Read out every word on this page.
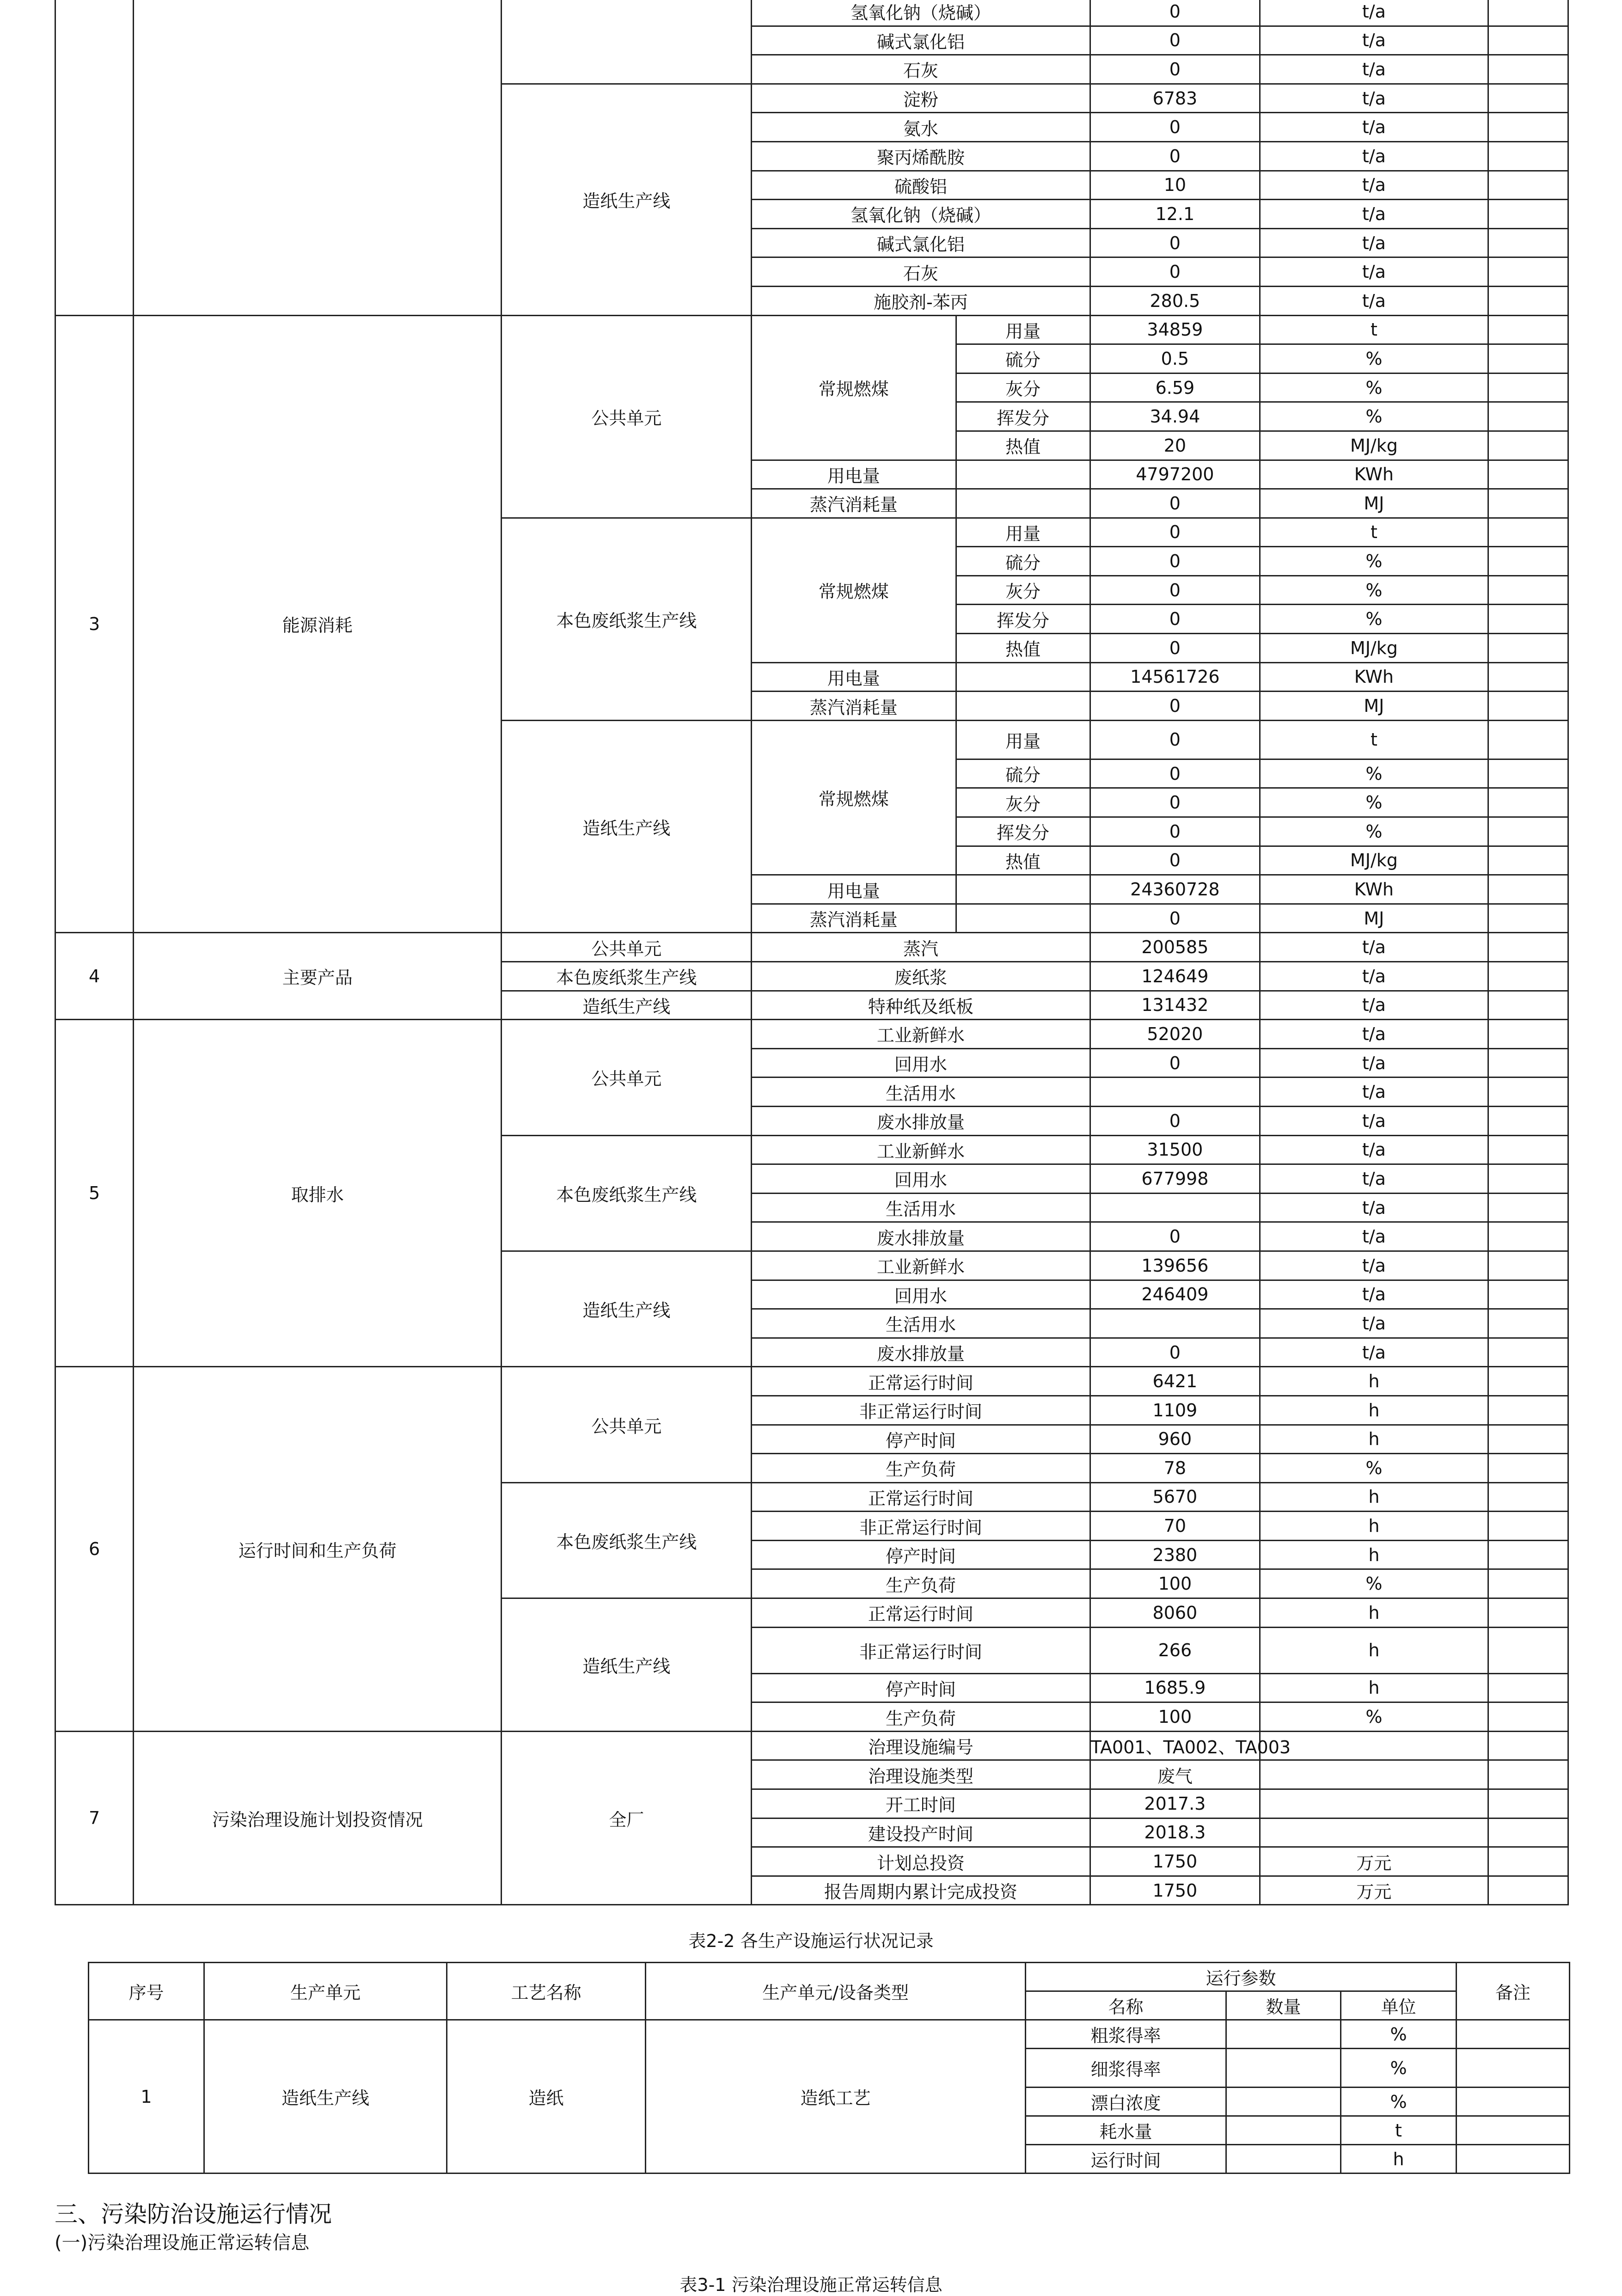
			氢氧化钠（烧碱）		0	t/a	
			碱式氯化铝		0	t/a	
			石灰		0	t/a	
		造纸生产线	淀粉		6783	t/a	
			氨水		0	t/a	
			聚丙烯酰胺		0	t/a	
			硫酸铝		10	t/a	
			氢氧化钠（烧碱）		12.1	t/a	
			碱式氯化铝		0	t/a	
			石灰		0	t/a	
			施胶剂-苯丙		280.5	t/a	
3	能源消耗	公共单元	常规燃煤	用量	34859	t	
				硫分	0.5	%	
				灰分	6.59	%	
				挥发分	34.94	%	
				热值	20	MJ/kg	
			用电量		4797200	KWh	
			蒸汽消耗量		0	MJ	
		本色废纸浆生产线	常规燃煤	用量	0	t	
				硫分	0	%	
				灰分	0	%	
				挥发分	0	%	
				热值	0	MJ/kg	
			用电量		14561726	KWh	
			蒸汽消耗量		0	MJ	
		造纸生产线	常规燃煤	用量	0	t	
				硫分	0	%	
				灰分	0	%	
				挥发分	0	%	
				热值	0	MJ/kg	
			用电量		24360728	KWh	
			蒸汽消耗量		0	MJ	
4	主要产品	公共单元	蒸汽		200585	t/a	
		本色废纸浆生产线	废纸浆		124649	t/a	
		造纸生产线	特种纸及纸板		131432	t/a	
5	取排水	公共单元	工业新鲜水		52020	t/a	
			回用水		0	t/a	
			生活用水			t/a	
			废水排放量		0	t/a	
		本色废纸浆生产线	工业新鲜水		31500	t/a	
			回用水		677998	t/a	
			生活用水			t/a	
			废水排放量		0	t/a	
		造纸生产线	工业新鲜水		139656	t/a	
			回用水		246409	t/a	
			生活用水			t/a	
			废水排放量		0	t/a	
6	运行时间和生产负荷	公共单元	正常运行时间		6421	h	
			非正常运行时间		1109	h	
			停产时间		960	h	
			生产负荷		78	%	
		本色废纸浆生产线	正常运行时间		5670	h	
			非正常运行时间		70	h	
			停产时间		2380	h	
			生产负荷		100	%	
		造纸生产线	正常运行时间		8060	h	
			非正常运行时间		266	h	
			停产时间		1685.9	h	
			生产负荷		100	%	
7	污染治理设施计划投资情况	全厂	治理设施编号		TA001、TA002、TA003		
			治理设施类型		废气		
			开工时间		2017.3		
			建设投产时间		2018.3		
			计划总投资		1750	万元	
			报告周期内累计完成投资		1750	万元	
表2-2 各生产设施运行状况记录
序号	生产单元	工艺名称	生产单元/设备类型	运行参数			备注
				名称	数量	单位	
1	造纸生产线	造纸	造纸工艺	粗浆得率		%	
				细浆得率		%	
				漂白浓度		%	
				耗水量		t	
				运行时间		h	
三、污染防治设施运行情况
(一)污染治理设施正常运转信息
表3-1 污染治理设施正常运转信息
